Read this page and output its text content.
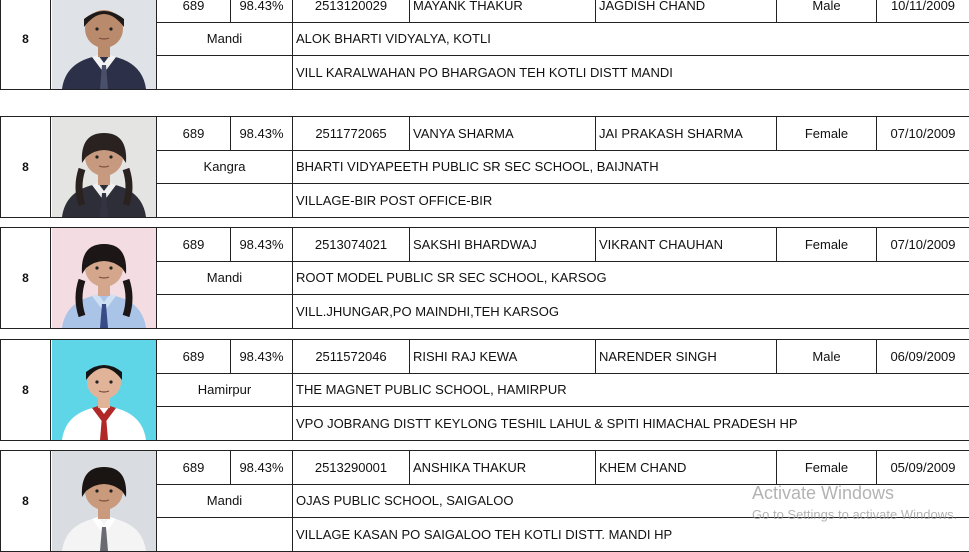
8		689	98.43%	2513120029	MAYANK THAKUR	JAGDISH CHAND	Male	10/11/2009
		Mandi		ALOK BHARTI VIDYALYA, KOTLI				
				VILL KARALWAHAN PO BHARGAON TEH KOTLI DISTT MANDI				
8		689	98.43%	2511772065	VANYA SHARMA	JAI PRAKASH SHARMA	Female	07/10/2009
		Kangra		BHARTI VIDYAPEETH PUBLIC SR SEC SCHOOL, BAIJNATH				
				VILLAGE-BIR POST OFFICE-BIR				
8		689	98.43%	2513074021	SAKSHI BHARDWAJ	VIKRANT CHAUHAN	Female	07/10/2009
		Mandi		ROOT MODEL PUBLIC SR SEC SCHOOL, KARSOG				
				VILL.JHUNGAR,PO MAINDHI,TEH KARSOG				
8		689	98.43%	2511572046	RISHI RAJ KEWA	NARENDER SINGH	Male	06/09/2009
		Hamirpur		THE MAGNET PUBLIC SCHOOL, HAMIRPUR				
				VPO JOBRANG DISTT KEYLONG TESHIL LAHUL & SPITI HIMACHAL PRADESH HP				
8		689	98.43%	2513290001	ANSHIKA THAKUR	KHEM CHAND	Female	05/09/2009
		Mandi		OJAS PUBLIC SCHOOL, SAIGALOO				
				VILLAGE KASAN PO SAIGALOO TEH KOTLI DISTT. MANDI HP				
Activate Windows
Go to Settings to activate Windows.
